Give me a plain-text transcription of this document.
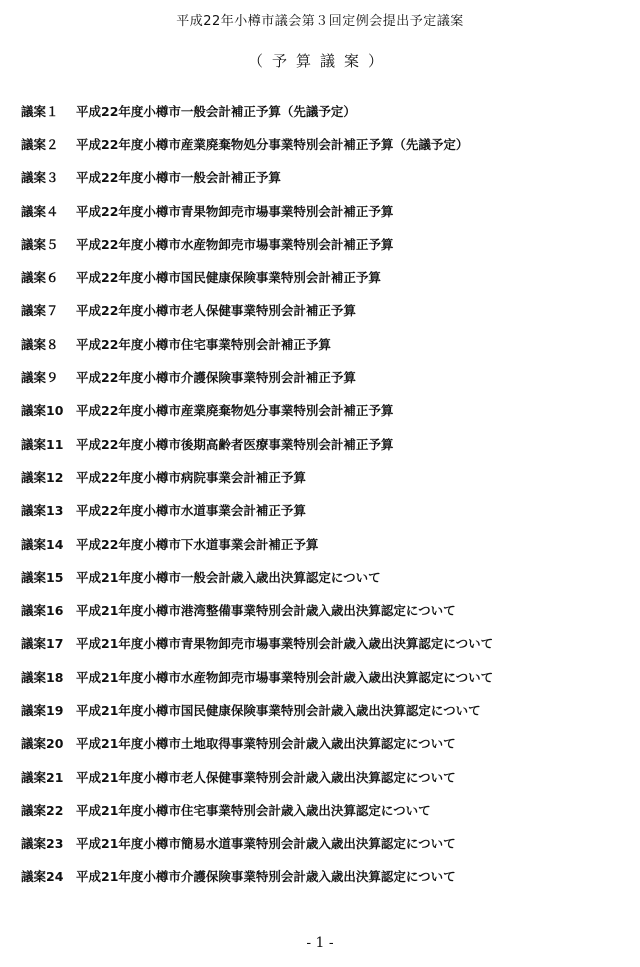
平成22年小樽市議会第３回定例会提出予定議案
（予算議案）
議案１	平成22年度小樽市一般会計補正予算（先議予定）
議案２	平成22年度小樽市産業廃棄物処分事業特別会計補正予算（先議予定）
議案３	平成22年度小樽市一般会計補正予算
議案４	平成22年度小樽市青果物卸売市場事業特別会計補正予算
議案５	平成22年度小樽市水産物卸売市場事業特別会計補正予算
議案６	平成22年度小樽市国民健康保険事業特別会計補正予算
議案７	平成22年度小樽市老人保健事業特別会計補正予算
議案８	平成22年度小樽市住宅事業特別会計補正予算
議案９	平成22年度小樽市介護保険事業特別会計補正予算
議案10	平成22年度小樽市産業廃棄物処分事業特別会計補正予算
議案11	平成22年度小樽市後期高齢者医療事業特別会計補正予算
議案12	平成22年度小樽市病院事業会計補正予算
議案13	平成22年度小樽市水道事業会計補正予算
議案14	平成22年度小樽市下水道事業会計補正予算
議案15	平成21年度小樽市一般会計歳入歳出決算認定について
議案16	平成21年度小樽市港湾整備事業特別会計歳入歳出決算認定について
議案17	平成21年度小樽市青果物卸売市場事業特別会計歳入歳出決算認定について
議案18	平成21年度小樽市水産物卸売市場事業特別会計歳入歳出決算認定について
議案19	平成21年度小樽市国民健康保険事業特別会計歳入歳出決算認定について
議案20	平成21年度小樽市土地取得事業特別会計歳入歳出決算認定について
議案21	平成21年度小樽市老人保健事業特別会計歳入歳出決算認定について
議案22	平成21年度小樽市住宅事業特別会計歳入歳出決算認定について
議案23	平成21年度小樽市簡易水道事業特別会計歳入歳出決算認定について
議案24	平成21年度小樽市介護保険事業特別会計歳入歳出決算認定について
- 1 -
